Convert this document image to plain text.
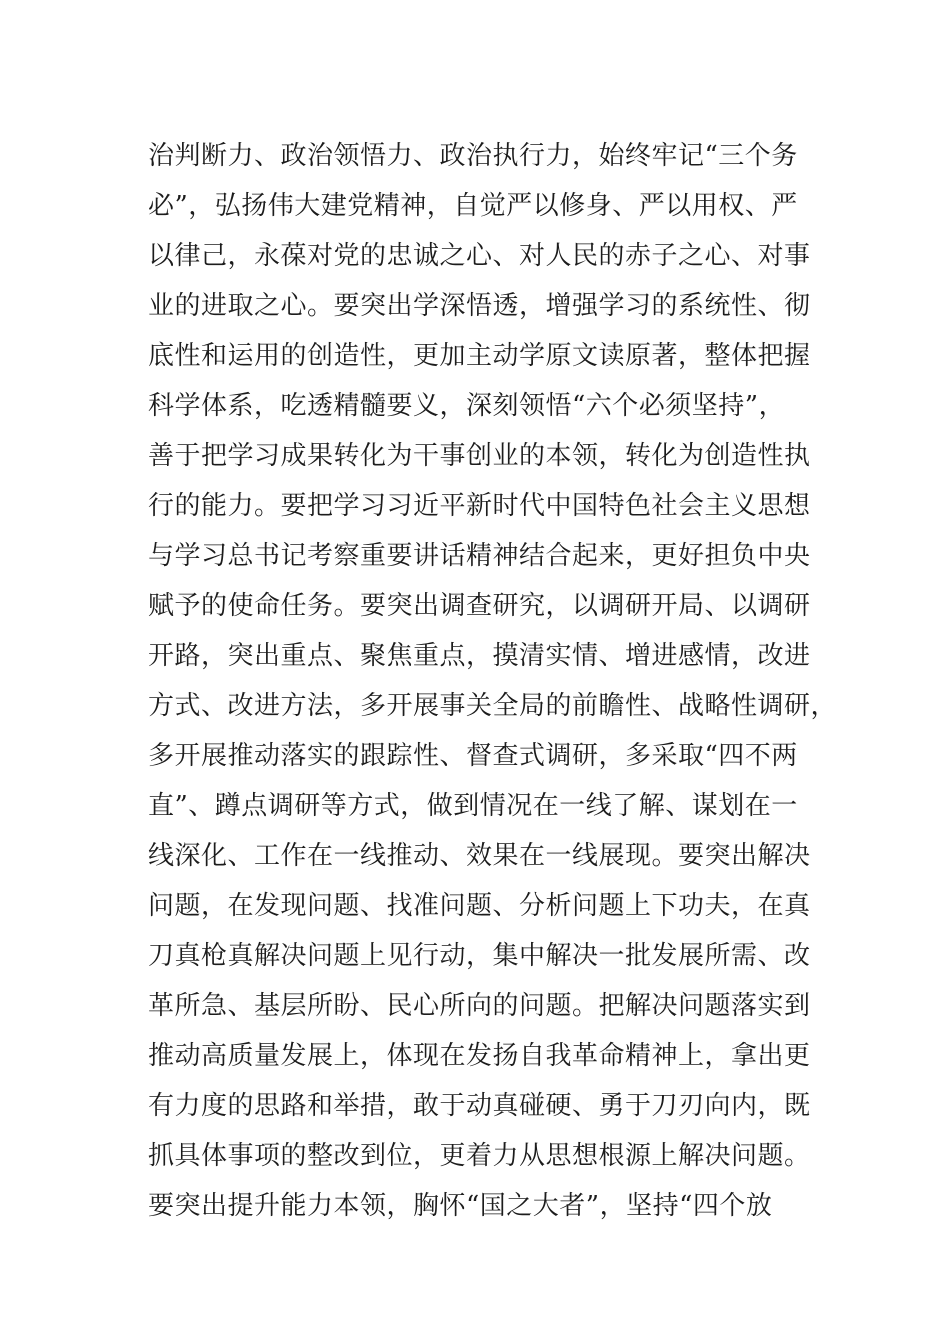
治判断力、政治领悟力、政治执行力，始终牢记“三个务
必”，弘扬伟大建党精神，自觉严以修身、严以用权、严
以律己，永葆对党的忠诚之心、对人民的赤子之心、对事
业的进取之心。要突出学深悟透，增强学习的系统性、彻
底性和运用的创造性，更加主动学原文读原著，整体把握
科学体系，吃透精髓要义，深刻领悟“六个必须坚持”，
善于把学习成果转化为干事创业的本领，转化为创造性执
行的能力。要把学习习近平新时代中国特色社会主义思想
与学习总书记考察重要讲话精神结合起来，更好担负中央
赋予的使命任务。要突出调查研究，以调研开局、以调研
开路，突出重点、聚焦重点，摸清实情、增进感情，改进
方式、改进方法，多开展事关全局的前瞻性、战略性调研，
多开展推动落实的跟踪性、督查式调研，多采取“四不两
直”、蹲点调研等方式，做到情况在一线了解、谋划在一
线深化、工作在一线推动、效果在一线展现。要突出解决
问题，在发现问题、找准问题、分析问题上下功夫，在真
刀真枪真解决问题上见行动，集中解决一批发展所需、改
革所急、基层所盼、民心所向的问题。把解决问题落实到
推动高质量发展上，体现在发扬自我革命精神上，拿出更
有力度的思路和举措，敢于动真碰硬、勇于刀刃向内，既
抓具体事项的整改到位，更着力从思想根源上解决问题。
要突出提升能力本领，胸怀“国之大者”，坚持“四个放
